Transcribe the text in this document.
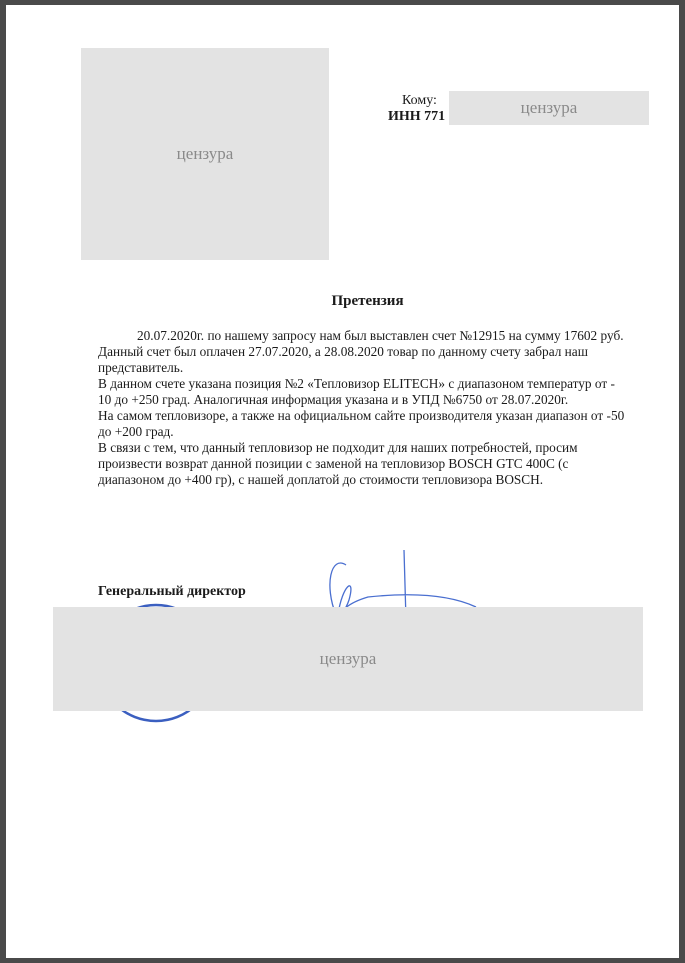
цензура
Кому:
ИНН 771	цензура
Претензия
20.07.2020г. по нашему запросу нам был выставлен счет №12915 на сумму 17602 руб.
Данный счет был оплачен 27.07.2020, а 28.08.2020 товар по данному счету забрал наш
представитель.
В данном счете указана позиция №2 «Тепловизор ELITECH» с диапазоном температур от -
10 до +250 град. Аналогичная информация указана и в УПД №6750 от 28.07.2020г.
На самом тепловизоре, а также на официальном сайте производителя указан диапазон от -50
до +200 град.
В связи с тем, что данный тепловизор не подходит для наших потребностей, просим
произвести возврат данной позиции с заменой на тепловизор BOSCH GTC 400C (с
диапазоном до +400 гр), с нашей доплатой до стоимости тепловизора BOSCH.
Генеральный директор
цензура
